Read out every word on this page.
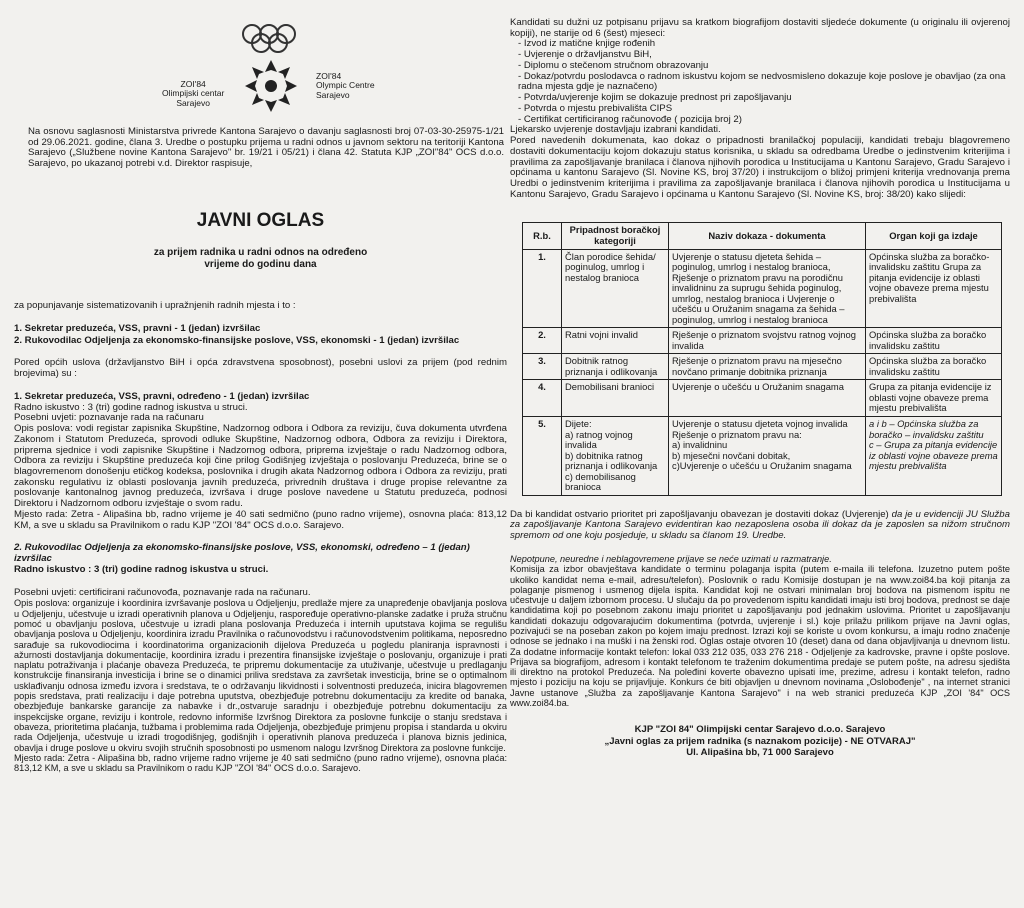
ZOI'84
Olimpijski centar
Sarajevo
ZOI'84
Olympic Centre
Sarajevo

Na osnovu saglasnosti Ministarstva privrede Kantona Sarajevo o davanju saglasnosti broj 07-03-30-25975-1/21 od 29.06.2021. godine, člana 3. Uredbe o postupku prijema u radni odnos u javnom sektoru na teritoriji Kantona Sarajevo („Službene novine Kantona Sarajevo" br. 19/21 i 05/21) i člana 42. Statuta KJP „ZOI"84" OCS d.o.o. Sarajevo, po ukazanoj potrebi v.d. Direktor raspisuje,

JAVNI OGLAS
za prijem radnika u radni odnos na određeno
vrijeme do godinu dana

za popunjavanje sistematizovanih i upražnjenih radnih mjesta i to :

1. Sekretar preduzeća, VSS, pravni - 1 (jedan) izvršilac

2. Rukovodilac Odjeljenja za ekonomsko-finansijske poslove, VSS, ekonomski - 1 (jedan) izvršilac

Pored općih uslova (državljanstvo BiH i opća zdravstvena sposobnost), posebni uslovi za prijem (pod rednim brojevima) su :

1. Sekretar preduzeća, VSS, pravni, određeno - 1 (jedan) izvršilac

Radno iskustvo : 3 (tri) godine radnog iskustva u struci.

Posebni uvjeti: poznavanje rada na računaru

Opis poslova: vodi registar zapisnika Skupštine, Nadzornog odbora i Odbora za reviziju, čuva dokumenta utvrđena Zakonom i Statutom Preduzeća, sprovodi odluke Skupštine, Nadzornog odbora, Odbora za reviziju i Direktora, priprema sjednice i vodi zapisnike Skupštine i Nadzornog odbora, priprema izvještaje o radu Nadzornog odbora, Odbora za reviziju i Skupštine preduzeća koji čine prilog Godišnjeg izvještaja o poslovanju Preduzeća, brine se o blagovremenom donošenju etičkog kodeksa, poslovnika i drugih akata Nadzornog odbora i Odbora za reviziju, prati zakonsku regulativu iz oblasti poslovanja javnih preduzeća, privrednih društava i druge propise relevantne za poslovanje kantonalnog javnog preduzeća, izvršava i druge poslove navedene u Statutu preduzeća, podnosi Direktoru i Nadzornom odboru izvještaje o svom radu.

Mjesto rada: Zetra - Alipašina bb, radno vrijeme je 40 sati sedmično (puno radno vrijeme), osnovna plaća: 813,12 KM, a sve u skladu sa Pravilnikom o radu KJP "ZOI '84" OCS d.o.o. Sarajevo.

2. Rukovodilac Odjeljenja za ekonomsko-finansijske poslove, VSS, ekonomski, određeno – 1 (jedan) izvršilac

Radno iskustvo : 3 (tri) godine radnog iskustva u struci.

Posebni uvjeti: certificirani računovođa, poznavanje rada na računaru.

Opis poslova: organizuje i koordinira izvršavanje poslova u Odjeljenju, predlaže mjere za unapređenje obavljanja poslova u Odjeljenju, učestvuje u izradi operativnih planova u Odjeljenju, raspoređuje operativno-planske zadatke i pruža stručnu pomoć u obavljanju poslova, učestvuje u izradi plana poslovanja Preduzeća i internih uputstava kojima se regulišu obavljanja poslova u Odjeljenju, koordinira izradu Pravilnika o računovodstvu i računovodstvenim politikama, neposredno sarađuje sa rukovodiocima i koordinatorima organizacionih dijelova Preduzeća u pogledu planiranja ispravnosti i ažurnosti dostavljanja dokumentacije, koordinira izradu i prezentira finansijske izvještaje o poslovanju, organizuje i prati naplatu potraživanja i plaćanje obaveza Preduzeća, te pripremu dokumentacije za utuživanje, učestvuje u predlaganju konstrukcije finansiranja investicija i brine se o dinamici priliva sredstava za završetak investicija, brine se o optimalnom usklađivanju odnosa između izvora i sredstava, te o održavanju likvidnosti i solventnosti preduzeća, inicira blagovremen popis sredstava, prati realizaciju i daje potrebna uputstva, obezbjeđuje potrebnu dokumentaciju za kredite od banaka, obezbjeđuje bankarske garancije za nabavke i dr.,ostvaruje saradnju i obezbjeđuje potrebnu dokumentaciju za inspekcijske organe, reviziju i kontrole, redovno informiše Izvršnog Direktora za poslovne funkcije o stanju sredstava i obaveza, prioritetima plaćanja, tužbama i problemima rada Odjeljenja, obezbjeđuje primjenu propisa i standarda u okviru rada Odjeljenja, učestvuje u izradi trogodišnjeg, godišnjih i operativnih planova preduzeća i planova biznis jedinica, obavlja i druge poslove u okviru svojih stručnih sposobnosti po usmenom nalogu Izvršnog Direktora za poslovne funkcije.

Mjesto rada: Zetra - Alipašina bb, radno vrijeme radno vrijeme je 40 sati sedmično (puno radno vrijeme), osnovna plaća: 813,12 KM, a sve u skladu sa Pravilnikom o radu KJP "ZOI '84" OCS d.o.o. Sarajevo.

Kandidati su dužni uz potpisanu prijavu sa kratkom biografijom dostaviti sljedeće dokumente (u originalu ili ovjerenoj kopiji), ne starije od 6 (šest) mjeseci:

- Izvod iz matične knjige rođenih

- Uvjerenje o državljanstvu BiH,

- Diplomu o stečenom stručnom obrazovanju

- Dokaz/potvrdu poslodavca o radnom iskustvu kojom se nedvosmisleno dokazuje koje poslove je obavljao (za ona radna mjesta gdje je naznačeno)

- Potvrda/uvjerenje kojim se dokazuje prednost pri zapošljavanju

- Potvrda o mjestu prebivališta CIPS

- Certifikat certificiranog računovođe ( pozicija broj 2)

Ljekarsko uvjerenje dostavljaju izabrani kandidati.

Pored navedenih dokumenata, kao dokaz o pripadnosti branilačkoj populaciji, kandidati trebaju blagovremeno dostaviti dokumentaciju kojom dokazuju status korisnika, u skladu sa odredbama Uredbe o jedinstvenim kriterijima i pravilima za zapošljavanje branilaca i članova njihovih porodica u Institucijama u Kantonu Sarajevo, Gradu Sarajevo i općinama u kantonu Sarajevo (Sl. Novine KS, broj 37/20) i instrukcijom o bližoj primjeni kriterija vrednovanja prema Uredbi o jedinstvenim kriterijima i pravilima za zapošljavanje branilaca i članova njihovih porodica u Institucijama u Kantonu Sarajevo, Gradu Sarajevo i općinama u Kantonu Sarajevo (Sl. Novine KS, broj: 38/20) kako slijedi:

R.b.	Pripadnost boračkoj kategoriji	Naziv dokaza - dokumenta	Organ koji ga izdaje
1.	Član porodice šehida/ poginulog, umrlog i nestalog branioca	Uvjerenje o statusu djeteta šehida – poginulog, umrlog i nestalog branioca, Rješenje o priznatom pravu na porodičnu invalidninu za suprugu šehida poginulog, umrlog, nestalog branioca i Uvjerenje o učešću u Oružanim snagama za šehida – poginulog, umrlog i nestalog branioca	Općinska služba za boračko-invalidsku zaštitu Grupa za pitanja evidencije iz oblasti vojne obaveze prema mjestu prebivališta
2.	Ratni vojni invalid	Rješenje o priznatom svojstvu ratnog vojnog invalida	Općinska služba za boračko invalidsku zaštitu
3.	Dobitnik ratnog priznanja i odlikovanja	Rješenje o priznatom pravu na mjesečno novčano primanje dobitnika priznanja	Općinska služba za boračko invalidsku zaštitu
4.	Demobilisani branioci	Uvjerenje o učešću u Oružanim snagama	Grupa za pitanja evidencije iz oblasti vojne obaveze prema mjestu prebivališta
5.	Dijete:
a) ratnog vojnog invalida
b) dobitnika ratnog priznanja i odlikovanja
c) demobilisanog branioca	Uvjerenje o statusu djeteta vojnog invalida
Rješenje o priznatom pravu na:
a) invalidninu
b) mjesečni novčani dobitak,
c)Uvjerenje o učešću u Oružanim snagama	a i b – Općinska služba za boračko – invalidsku zaštitu
c – Grupa za pitanja evidencije iz oblasti vojne obaveze prema mjestu prebivališta

Da bi kandidat ostvario prioritet pri zapošljavanju obavezan je dostaviti dokaz (Uvjerenje) da je u evidenciji JU Služba za zapošljavanje Kantona Sarajevo evidentiran kao nezaposlena osoba ili dokaz da je zaposlen sa nižom stručnom spremom od one koju posjeduje, u skladu sa članom 19. Uredbe.

Nepotpune, neuredne i neblagovremene prijave se neće uzimati u razmatranje.

Komisija za izbor obavještava kandidate o terminu polaganja ispita (putem e-maila ili telefona. Izuzetno putem pošte ukoliko kandidat nema e-mail, adresu/telefon). Poslovnik o radu Komisije dostupan je na www.zoi84.ba koji pitanja za polaganje pismenog i usmenog dijela ispita. Kandidat koji ne ostvari minimalan broj bodova na pismenom ispitu ne učestvuje u daljem izbornom procesu. U slučaju da po provedenom ispitu kandidati imaju isti broj bodova, prednost se daje kandidatima koji po posebnom zakonu imaju prioritet u zapošljavanju pod jednakim uslovima. Prioritet u zapošljavanju kandidati dokazuju odgovarajućim dokumentima (potvrda, uvjerenje i sl.) koje prilažu prilikom prijave na Javni oglas, pozivajući se na poseban zakon po kojem imaju prednost. Izrazi koji se koriste u ovom konkursu, a imaju rodno značenje odnose se jednako i na muški i na ženski rod. Oglas ostaje otvoren 10 (deset) dana od dana objavljivanja u dnevnom listu. Za dodatne informacije kontakt telefon: lokal 033 212 035, 033 276 218 - Odjeljenje za kadrovske, pravne i opšte poslove. Prijava sa biografijom, adresom i kontakt telefonom te traženim dokumentima predaje se putem pošte, na adresu sjedišta ili direktno na protokol Preduzeća. Na poleđini koverte obavezno upisati ime, prezime, adresu i kontakt telefon, radno mjesto i poziciju na koju se prijavljuje. Konkurs će biti objavljen u dnevnom novinama „Oslobođenje" , na internet stranici Javne ustanove „Služba za zapošljavanje Kantona Sarajevo" i na web stranici preduzeća KJP „ZOI '84" OCS www.zoi84.ba.

KJP "ZOI 84" Olimpijski centar Sarajevo d.o.o. Sarajevo
„Javni oglas za prijem radnika (s naznakom pozicije) - NE OTVARAJ"
Ul. Alipašina bb, 71 000 Sarajevo
